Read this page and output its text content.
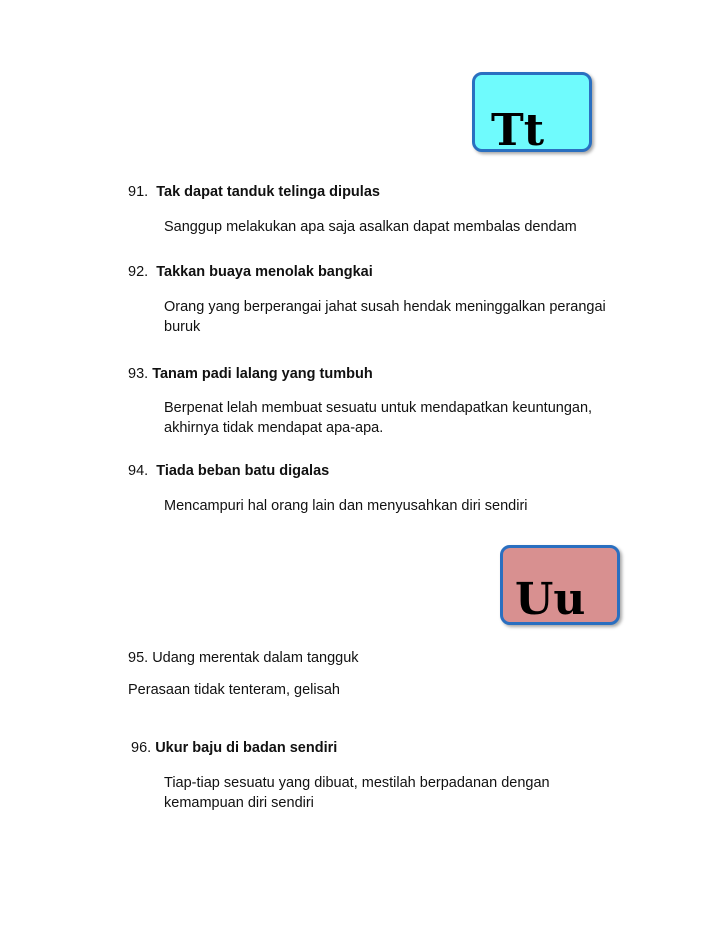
Tt
91. Tak dapat tanduk telinga dipulas
Sanggup melakukan apa saja asalkan dapat membalas dendam
92. Takkan buaya menolak bangkai
Orang yang berperangai jahat susah hendak meninggalkan perangai buruk
93. Tanam padi lalang yang tumbuh
Berpenat lelah membuat sesuatu untuk mendapatkan keuntungan, akhirnya tidak mendapat apa-apa.
94. Tiada beban batu digalas
Mencampuri hal orang lain dan menyusahkan diri sendiri
Uu
95. Udang merentak dalam tangguk
Perasaan tidak tenteram, gelisah
96. Ukur baju di badan sendiri
Tiap-tiap sesuatu yang dibuat, mestilah berpadanan dengan kemampuan diri sendiri
